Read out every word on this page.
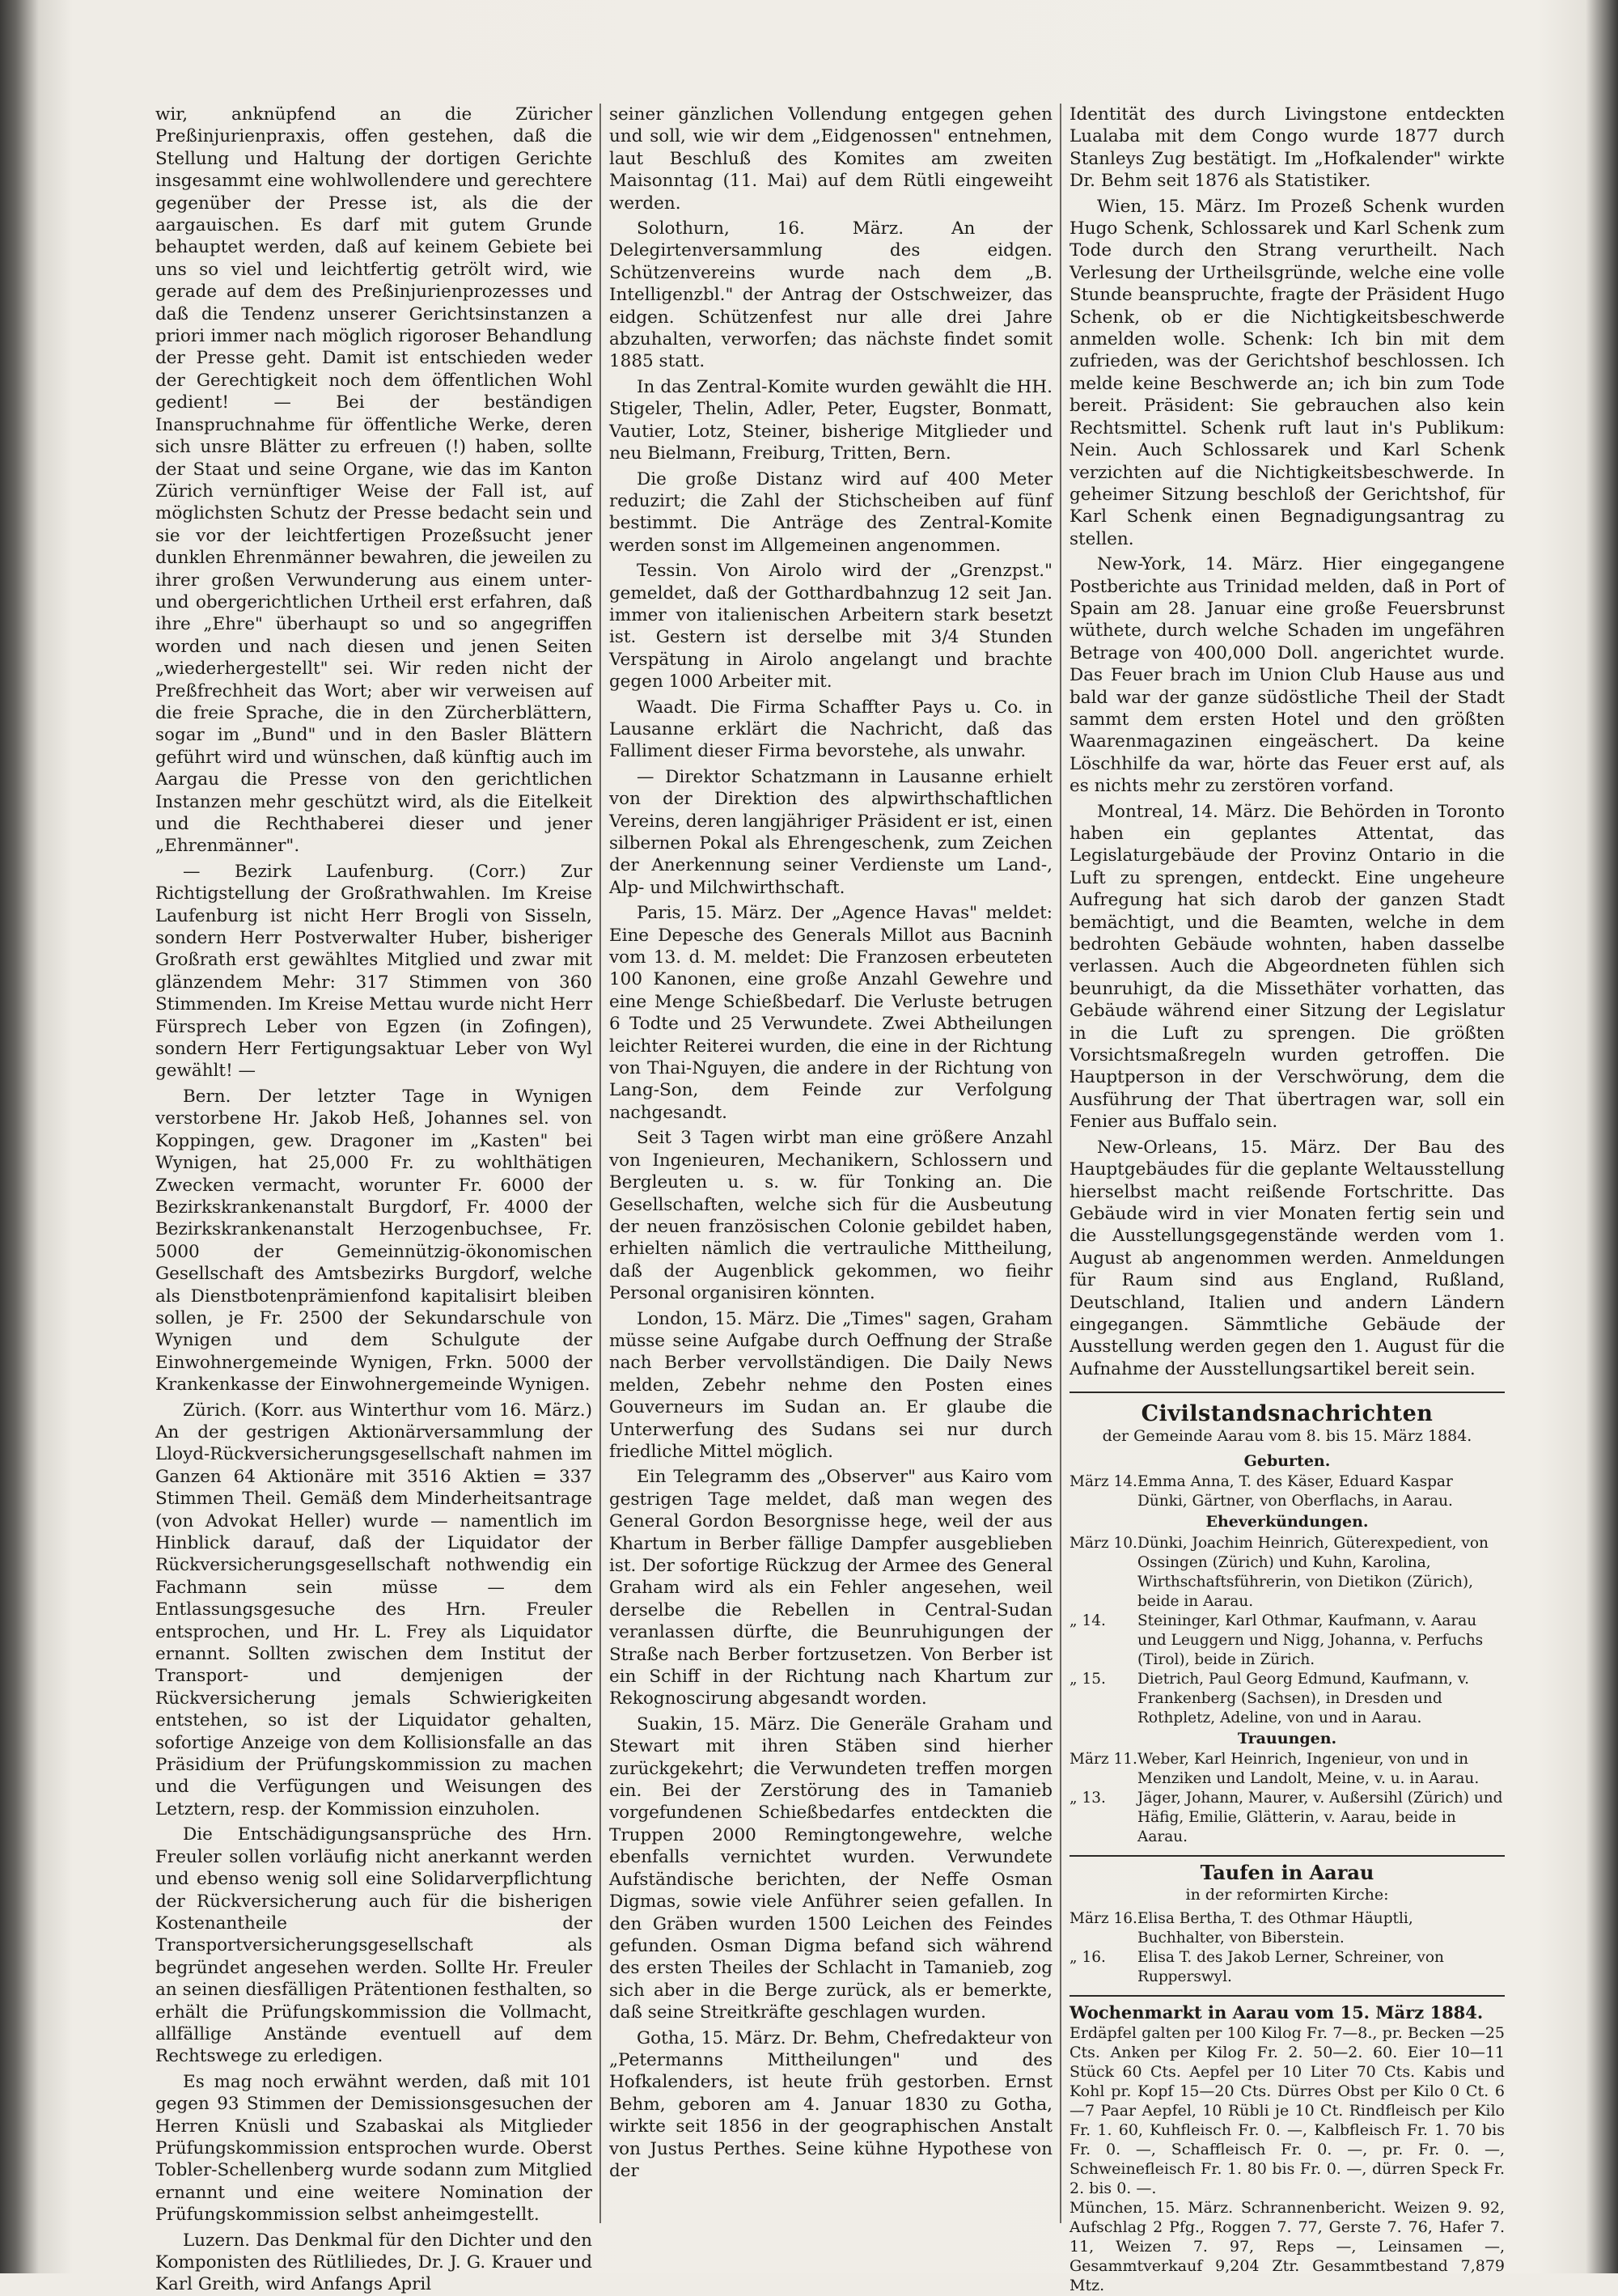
wir, anknüpfend an die Züricher Preßinjurienpraxis, offen gestehen, daß die Stellung und Haltung der dortigen Gerichte insgesammt eine wohlwollendere und gerechtere gegenüber der Presse ist, als die der aargauischen. Es darf mit gutem Grunde behauptet werden, daß auf keinem Gebiete bei uns so viel und leichtfertig getrölt wird, wie gerade auf dem des Preßinjurienprozesses und daß die Tendenz unserer Gerichtsinstanzen a priori immer nach möglich rigoroser Behandlung der Presse geht. Damit ist entschieden weder der Gerechtigkeit noch dem öffentlichen Wohl gedient! — Bei der beständigen Inanspruchnahme für öffentliche Werke, deren sich unsre Blätter zu erfreuen (!) haben, sollte der Staat und seine Organe, wie das im Kanton Zürich vernünftiger Weise der Fall ist, auf möglichsten Schutz der Presse bedacht sein und sie vor der leichtfertigen Prozeßsucht jener dunklen Ehrenmänner bewahren, die jeweilen zu ihrer großen Verwunderung aus einem unter- und obergerichtlichen Urtheil erst erfahren, daß ihre „Ehre" überhaupt so und so angegriffen worden und nach diesen und jenen Seiten „wiederhergestellt" sei. Wir reden nicht der Preßfrechheit das Wort; aber wir verweisen auf die freie Sprache, die in den Zürcherblättern, sogar im „Bund" und in den Basler Blättern geführt wird und wünschen, daß künftig auch im Aargau die Presse von den gerichtlichen Instanzen mehr geschützt wird, als die Eitelkeit und die Rechthaberei dieser und jener „Ehrenmänner".

— Bezirk Laufenburg. (Corr.) Zur Richtigstellung der Großrathwahlen. Im Kreise Laufenburg ist nicht Herr Brogli von Sisseln, sondern Herr Postverwalter Huber, bisheriger Großrath erst gewähltes Mitglied und zwar mit glänzendem Mehr: 317 Stimmen von 360 Stimmenden. Im Kreise Mettau wurde nicht Herr Fürsprech Leber von Egzen (in Zofingen), sondern Herr Fertigungsaktuar Leber von Wyl gewählt! —

Bern. Der letzter Tage in Wynigen verstorbene Hr. Jakob Heß, Johannes sel. von Koppingen, gew. Dragoner im „Kasten" bei Wynigen, hat 25,000 Fr. zu wohlthätigen Zwecken vermacht, worunter Fr. 6000 der Bezirkskrankenanstalt Burgdorf, Fr. 4000 der Bezirkskrankenanstalt Herzogenbuchsee, Fr. 5000 der Gemeinnützig-ökonomischen Gesellschaft des Amtsbezirks Burgdorf, welche als Dienstbotenprämienfond kapitalisirt bleiben sollen, je Fr. 2500 der Sekundarschule von Wynigen und dem Schulgute der Einwohnergemeinde Wynigen, Frkn. 5000 der Krankenkasse der Einwohnergemeinde Wynigen.

Zürich. (Korr. aus Winterthur vom 16. März.) An der gestrigen Aktionärversammlung der Lloyd-Rückversicherungsgesellschaft nahmen im Ganzen 64 Aktionäre mit 3516 Aktien = 337 Stimmen Theil. Gemäß dem Minderheitsantrage (von Advokat Heller) wurde — namentlich im Hinblick darauf, daß der Liquidator der Rückversicherungsgesellschaft nothwendig ein Fachmann sein müsse — dem Entlassungsgesuche des Hrn. Freuler entsprochen, und Hr. L. Frey als Liquidator ernannt. Sollten zwischen dem Institut der Transport- und demjenigen der Rückversicherung jemals Schwierigkeiten entstehen, so ist der Liquidator gehalten, sofortige Anzeige von dem Kollisionsfalle an das Präsidium der Prüfungskommission zu machen und die Verfügungen und Weisungen des Letztern, resp. der Kommission einzuholen.

Die Entschädigungsansprüche des Hrn. Freuler sollen vorläufig nicht anerkannt werden und ebenso wenig soll eine Solidarverpflichtung der Rückversicherung auch für die bisherigen Kostenantheile der Transportversicherungsgesellschaft als begründet angesehen werden. Sollte Hr. Freuler an seinen diesfälligen Prätentionen festhalten, so erhält die Prüfungskommission die Vollmacht, allfällige Anstände eventuell auf dem Rechtswege zu erledigen.

Es mag noch erwähnt werden, daß mit 101 gegen 93 Stimmen der Demissionsgesuchen der Herren Knüsli und Szabaskai als Mitglieder Prüfungskommission entsprochen wurde. Oberst Tobler-Schellenberg wurde sodann zum Mitglied ernannt und eine weitere Nomination der Prüfungskommission selbst anheimgestellt.

Luzern. Das Denkmal für den Dichter und den Komponisten des Rütliliedes, Dr. J. G. Krauer und Karl Greith, wird Anfangs April

seiner gänzlichen Vollendung entgegen gehen und soll, wie wir dem „Eidgenossen" entnehmen, laut Beschluß des Komites am zweiten Maisonntag (11. Mai) auf dem Rütli eingeweiht werden.

Solothurn, 16. März. An der Delegirtenversammlung des eidgen. Schützenvereins wurde nach dem „B. Intelligenzbl." der Antrag der Ostschweizer, das eidgen. Schützenfest nur alle drei Jahre abzuhalten, verworfen; das nächste findet somit 1885 statt.

In das Zentral-Komite wurden gewählt die HH. Stigeler, Thelin, Adler, Peter, Eugster, Bonmatt, Vautier, Lotz, Steiner, bisherige Mitglieder und neu Bielmann, Freiburg, Tritten, Bern.

Die große Distanz wird auf 400 Meter reduzirt; die Zahl der Stichscheiben auf fünf bestimmt. Die Anträge des Zentral-Komite werden sonst im Allgemeinen angenommen.

Tessin. Von Airolo wird der „Grenzpst." gemeldet, daß der Gotthardbahnzug 12 seit Jan. immer von italienischen Arbeitern stark besetzt ist. Gestern ist derselbe mit 3/4 Stunden Verspätung in Airolo angelangt und brachte gegen 1000 Arbeiter mit.

Waadt. Die Firma Schaffter Pays u. Co. in Lausanne erklärt die Nachricht, daß das Falliment dieser Firma bevorstehe, als unwahr.

— Direktor Schatzmann in Lausanne erhielt von der Direktion des alpwirthschaftlichen Vereins, deren langjähriger Präsident er ist, einen silbernen Pokal als Ehrengeschenk, zum Zeichen der Anerkennung seiner Verdienste um Land-, Alp- und Milchwirthschaft.

Paris, 15. März. Der „Agence Havas" meldet: Eine Depesche des Generals Millot aus Bacninh vom 13. d. M. meldet: Die Franzosen erbeuteten 100 Kanonen, eine große Anzahl Gewehre und eine Menge Schießbedarf. Die Verluste betrugen 6 Todte und 25 Verwundete. Zwei Abtheilungen leichter Reiterei wurden, die eine in der Richtung von Thai-Nguyen, die andere in der Richtung von Lang-Son, dem Feinde zur Verfolgung nachgesandt.

Seit 3 Tagen wirbt man eine größere Anzahl von Ingenieuren, Mechanikern, Schlossern und Bergleuten u. s. w. für Tonking an. Die Gesellschaften, welche sich für die Ausbeutung der neuen französischen Colonie gebildet haben, erhielten nämlich die vertrauliche Mittheilung, daß der Augenblick gekommen, wo fieihr Personal organisiren könnten.

London, 15. März. Die „Times" sagen, Graham müsse seine Aufgabe durch Oeffnung der Straße nach Berber vervollständigen. Die Daily News melden, Zebehr nehme den Posten eines Gouverneurs im Sudan an. Er glaube die Unterwerfung des Sudans sei nur durch friedliche Mittel möglich.

Ein Telegramm des „Observer" aus Kairo vom gestrigen Tage meldet, daß man wegen des General Gordon Besorgnisse hege, weil der aus Khartum in Berber fällige Dampfer ausgeblieben ist. Der sofortige Rückzug der Armee des General Graham wird als ein Fehler angesehen, weil derselbe die Rebellen in Central-Sudan veranlassen dürfte, die Beunruhigungen der Straße nach Berber fortzusetzen. Von Berber ist ein Schiff in der Richtung nach Khartum zur Rekognoscirung abgesandt worden.

Suakin, 15. März. Die Generäle Graham und Stewart mit ihren Stäben sind hierher zurückgekehrt; die Verwundeten treffen morgen ein. Bei der Zerstörung des in Tamanieb vorgefundenen Schießbedarfes entdeckten die Truppen 2000 Remingtongewehre, welche ebenfalls vernichtet wurden. Verwundete Aufständische berichten, der Neffe Osman Digmas, sowie viele Anführer seien gefallen. In den Gräben wurden 1500 Leichen des Feindes gefunden. Osman Digma befand sich während des ersten Theiles der Schlacht in Tamanieb, zog sich aber in die Berge zurück, als er bemerkte, daß seine Streitkräfte geschlagen wurden.

Gotha, 15. März. Dr. Behm, Chefredakteur von „Petermanns Mittheilungen" und des Hofkalenders, ist heute früh gestorben. Ernst Behm, geboren am 4. Januar 1830 zu Gotha, wirkte seit 1856 in der geographischen Anstalt von Justus Perthes. Seine kühne Hypothese von der

Identität des durch Livingstone entdeckten Lualaba mit dem Congo wurde 1877 durch Stanleys Zug bestätigt. Im „Hofkalender" wirkte Dr. Behm seit 1876 als Statistiker.

Wien, 15. März. Im Prozeß Schenk wurden Hugo Schenk, Schlossarek und Karl Schenk zum Tode durch den Strang verurtheilt. Nach Verlesung der Urtheilsgründe, welche eine volle Stunde beanspruchte, fragte der Präsident Hugo Schenk, ob er die Nichtigkeitsbeschwerde anmelden wolle. Schenk: Ich bin mit dem zufrieden, was der Gerichtshof beschlossen. Ich melde keine Beschwerde an; ich bin zum Tode bereit. Präsident: Sie gebrauchen also kein Rechtsmittel. Schenk ruft laut in's Publikum: Nein. Auch Schlossarek und Karl Schenk verzichten auf die Nichtigkeitsbeschwerde. In geheimer Sitzung beschloß der Gerichtshof, für Karl Schenk einen Begnadigungsantrag zu stellen.

New-York, 14. März. Hier eingegangene Postberichte aus Trinidad melden, daß in Port of Spain am 28. Januar eine große Feuersbrunst wüthete, durch welche Schaden im ungefähren Betrage von 400,000 Doll. angerichtet wurde. Das Feuer brach im Union Club Hause aus und bald war der ganze südöstliche Theil der Stadt sammt dem ersten Hotel und den größten Waarenmagazinen eingeäschert. Da keine Löschhilfe da war, hörte das Feuer erst auf, als es nichts mehr zu zerstören vorfand.

Montreal, 14. März. Die Behörden in Toronto haben ein geplantes Attentat, das Legislaturgebäude der Provinz Ontario in die Luft zu sprengen, entdeckt. Eine ungeheure Aufregung hat sich darob der ganzen Stadt bemächtigt, und die Beamten, welche in dem bedrohten Gebäude wohnten, haben dasselbe verlassen. Auch die Abgeordneten fühlen sich beunruhigt, da die Missethäter vorhatten, das Gebäude während einer Sitzung der Legislatur in die Luft zu sprengen. Die größten Vorsichtsmaßregeln wurden getroffen. Die Hauptperson in der Verschwörung, dem die Ausführung der That übertragen war, soll ein Fenier aus Buffalo sein.

New-Orleans, 15. März. Der Bau des Hauptgebäudes für die geplante Weltausstellung hierselbst macht reißende Fortschritte. Das Gebäude wird in vier Monaten fertig sein und die Ausstellungsgegenstände werden vom 1. August ab angenommen werden. Anmeldungen für Raum sind aus England, Rußland, Deutschland, Italien und andern Ländern eingegangen. Sämmtliche Gebäude der Ausstellung werden gegen den 1. August für die Aufnahme der Ausstellungsartikel bereit sein.

Civilstandsnachrichten
der Gemeinde Aarau vom 8. bis 15. März 1884.
Geburten.
März 14. Emma Anna, T. des Käser, Eduard Kaspar Dünki, Gärtner, von Oberflachs, in Aarau.
Eheverkündungen.
März 10. Dünki, Joachim Heinrich, Güterexpedient, von Ossingen (Zürich) und Kuhn, Karolina, Wirthschaftsführerin, von Dietikon (Zürich), beide in Aarau.
„ 14.	Steininger, Karl Othmar, Kaufmann, v. Aarau und Leuggern und Nigg, Johanna, v. Perfuchs (Tirol), beide in Zürich.
„ 15.	Dietrich, Paul Georg Edmund, Kaufmann, v. Frankenberg (Sachsen), in Dresden und Rothpletz, Adeline, von und in Aarau.
Trauungen.
März 11. Weber, Karl Heinrich, Ingenieur, von und in Menziken und Landolt, Meine, v. u. in Aarau.
„ 13.	Jäger, Johann, Maurer, v. Außersihl (Zürich) und Häfig, Emilie, Glätterin, v. Aarau, beide in Aarau.
Taufen in Aarau
in der reformirten Kirche:
März 16. Elisa Bertha, T. des Othmar Häuptli, Buchhalter, von Biberstein.
„ 16.	Elisa T. des Jakob Lerner, Schreiner, von Rupperswyl.
Wochenmarkt in Aarau vom 15. März 1884.
Erdäpfel galten per 100 Kilog Fr. 7—8., pr. Becken —25 Cts. Anken per Kilog Fr. 2. 50—2. 60. Eier 10—11 Stück 60 Cts. Aepfel per 10 Liter 70 Cts. Kabis und Kohl pr. Kopf 15—20 Cts. Dürres Obst per Kilo 0 Ct. 6—7 Paar Aepfel, 10 Rübli je 10 Ct. Rindfleisch per Kilo Fr. 1. 60, Kuhfleisch Fr. 0. —, Kalbfleisch Fr. 1. 70 bis Fr. 0. —, Schaffleisch Fr. 0. —, pr. Fr. 0. —, Schweinefleisch Fr. 1. 80 bis Fr. 0. —, dürren Speck Fr. 2. bis 0. —.
München, 15. März. Schrannenbericht. Weizen 9. 92, Aufschlag 2 Pfg., Roggen 7. 77, Gerste 7. 76, Hafer 7. 11, Weizen 7. 97, Reps —, Leinsamen —, Gesammtverkauf 9,204 Ztr. Gesammtbestand 7,879 Mtz.
